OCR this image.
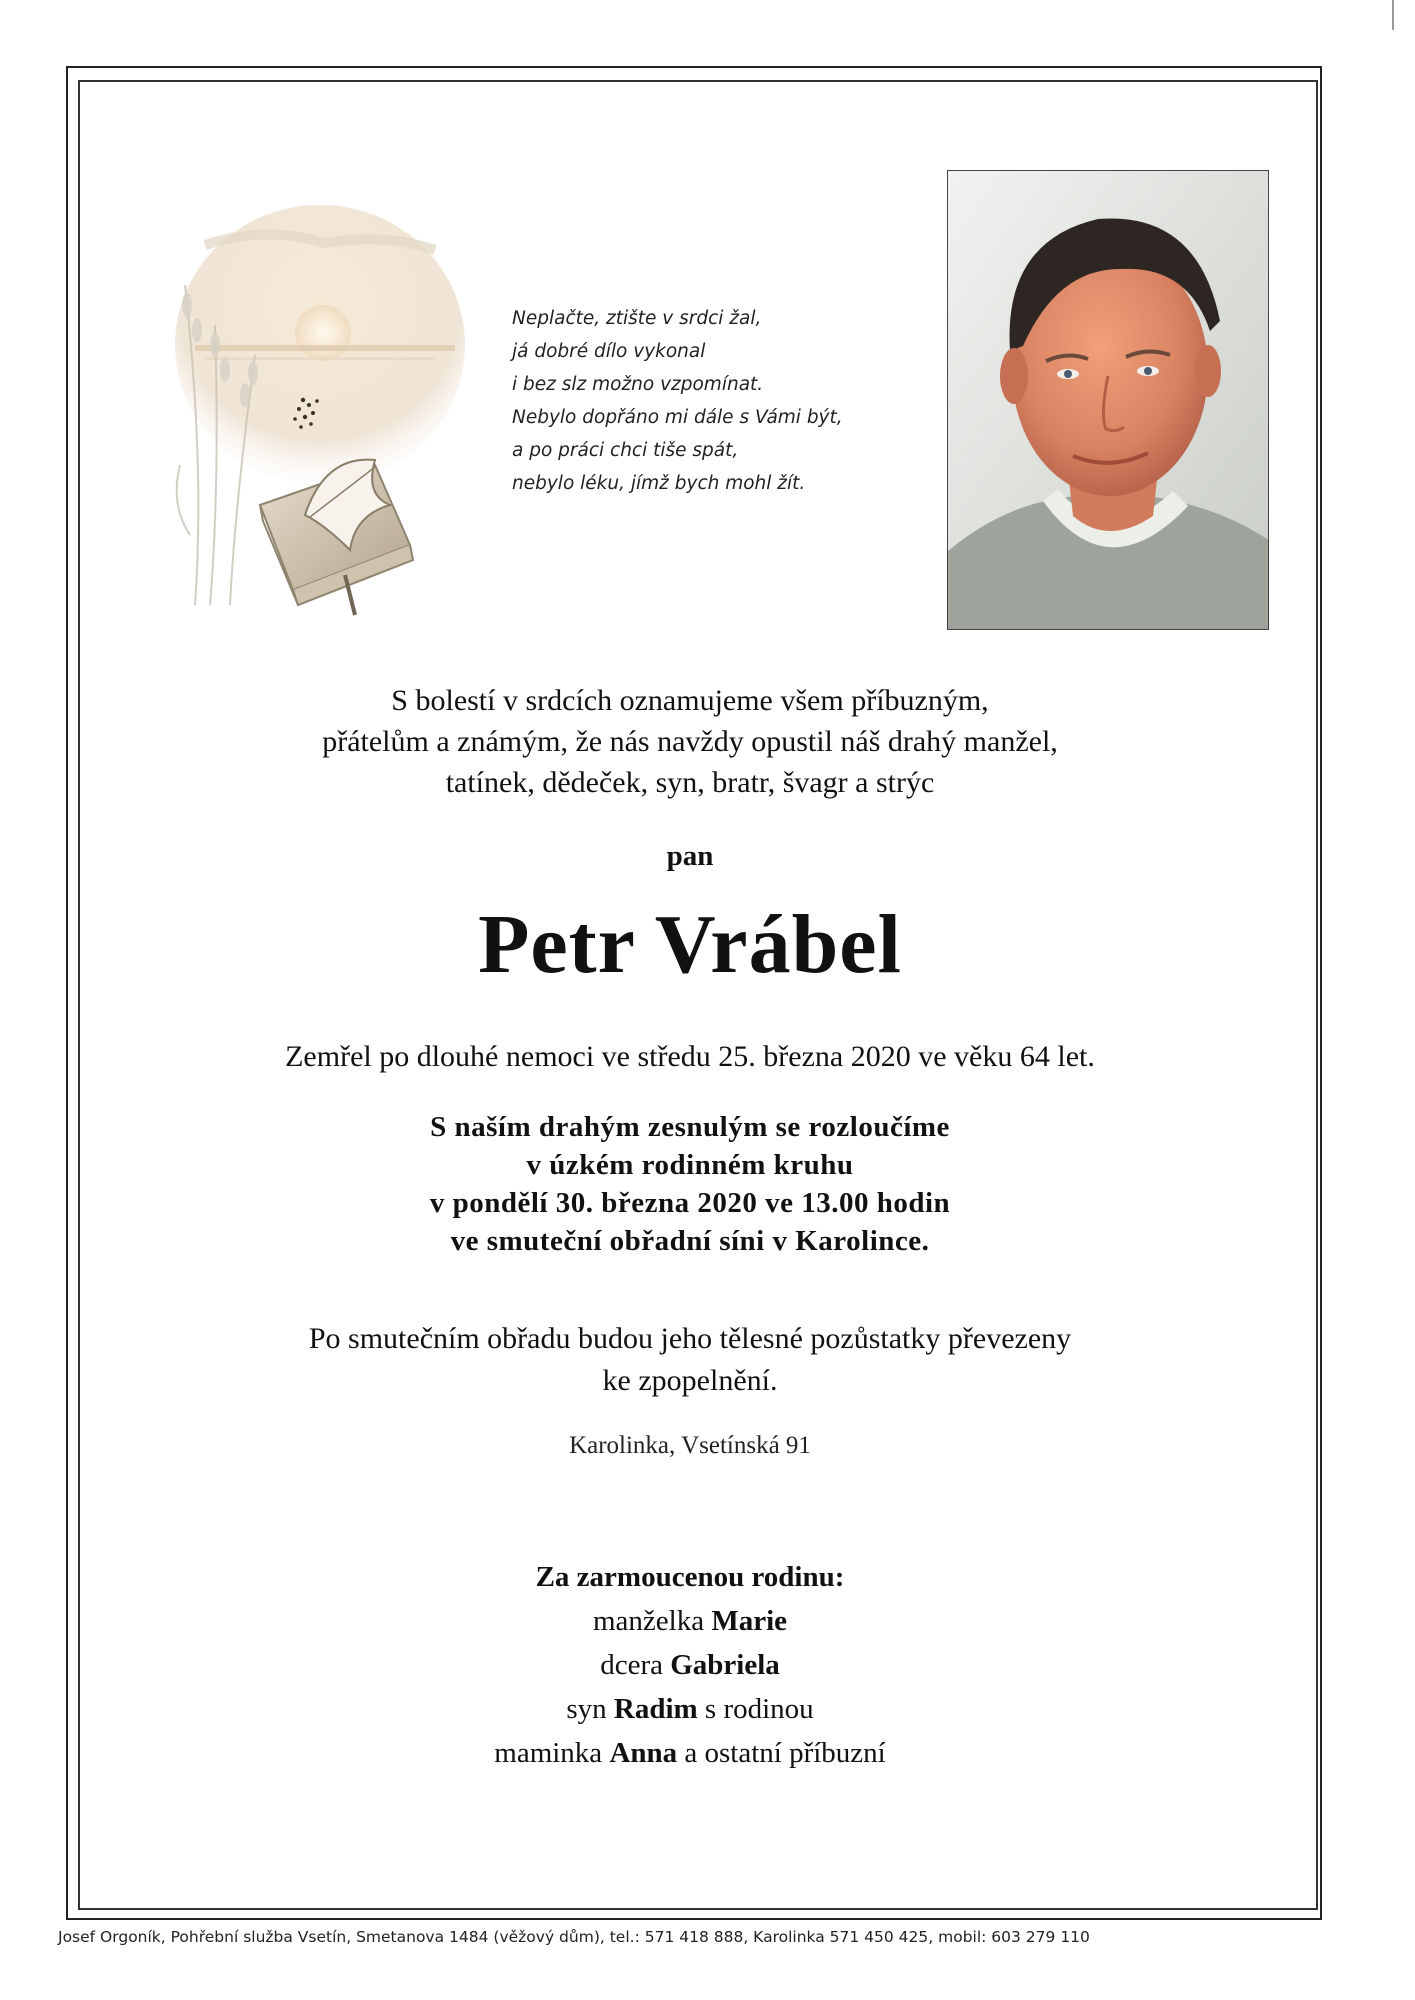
Neplačte, ztište v srdci žal,
já dobré dílo vykonal
i bez slz možno vzpomínat.
Nebylo dopřáno mi dále s Vámi být,
a po práci chci tiše spát,
nebylo léku, jímž bych mohl žít.
S bolestí v srdcích oznamujeme všem příbuzným,
přátelům a známým, že nás navždy opustil náš drahý manžel,
tatínek, dědeček, syn, bratr, švagr a strýc
pan
Petr Vrábel
Zemřel po dlouhé nemoci ve středu 25. března 2020 ve věku 64 let.
S naším drahým zesnulým se rozloučíme
v úzkém rodinném kruhu
v pondělí 30. března 2020 ve 13.00 hodin
ve smuteční obřadní síni v Karolince.
Po smutečním obřadu budou jeho tělesné pozůstatky převezeny
ke zpopelnění.
Karolinka, Vsetínská 91
Za zarmoucenou rodinu:
manželka Marie
dcera Gabriela
syn Radim s rodinou
maminka Anna a ostatní příbuzní
Josef Orgoník, Pohřební služba Vsetín, Smetanova 1484 (věžový dům), tel.: 571 418 888, Karolinka 571 450 425, mobil: 603 279 110
